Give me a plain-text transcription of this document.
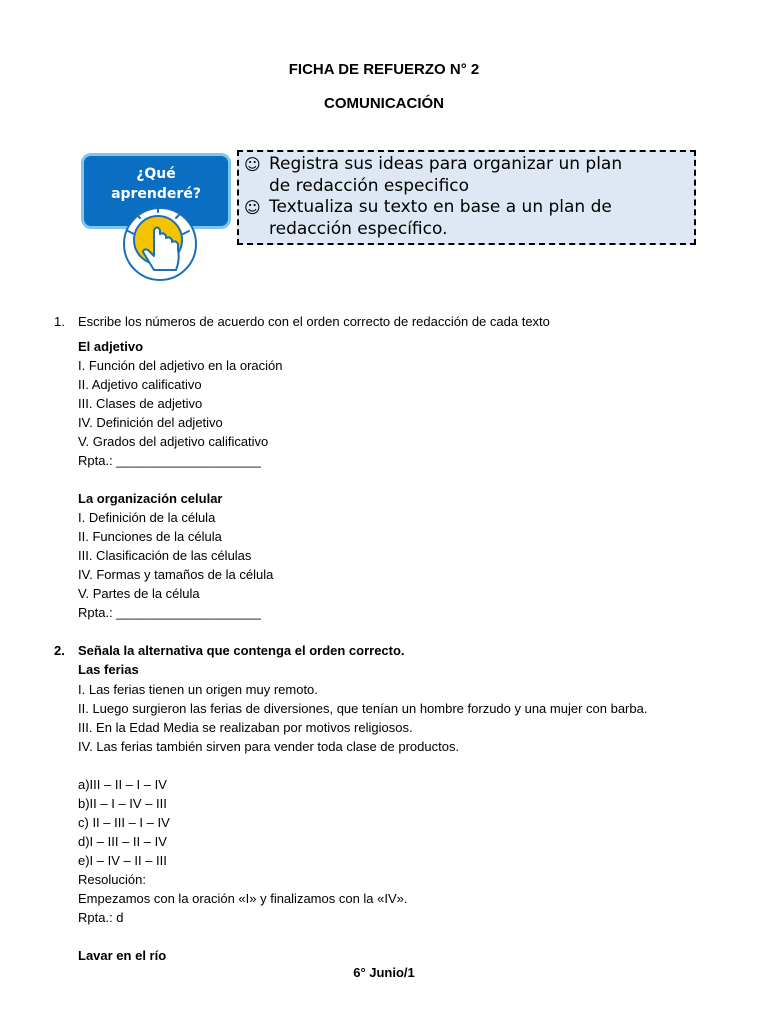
FICHA DE REFUERZO N° 2
COMUNICACIÓN
¿Qué
aprenderé?
☺ Registra sus ideas para organizar un plan
de redacción especifico
☺ Textualiza su texto en base a un plan de
redacción específico.
1. Escribe los números de acuerdo con el orden correcto de redacción de cada texto
El adjetivo
I. Función del adjetivo en la oración
II. Adjetivo calificativo
III. Clases de adjetivo
IV. Definición del adjetivo
V. Grados del adjetivo calificativo
Rpta.: ____________________
La organización celular
I. Definición de la célula
II. Funciones de la célula
III. Clasificación de las células
IV. Formas y tamaños de la célula
V. Partes de la célula
Rpta.: ____________________
2. Señala la alternativa que contenga el orden correcto.
Las ferias
I. Las ferias tienen un origen muy remoto.
II. Luego surgieron las ferias de diversiones, que tenían un hombre forzudo y una mujer con barba.
III. En la Edad Media se realizaban por motivos religiosos.
IV. Las ferias también sirven para vender toda clase de productos.
a)III – II – I – IV
b)II – I – IV – III
c) II – III – I – IV
d)I – III – II – IV
e)I – IV – II – III
Resolución:
Empezamos con la oración «I» y finalizamos con la «IV».
Rpta.: d
Lavar en el río
6° Junio/1
